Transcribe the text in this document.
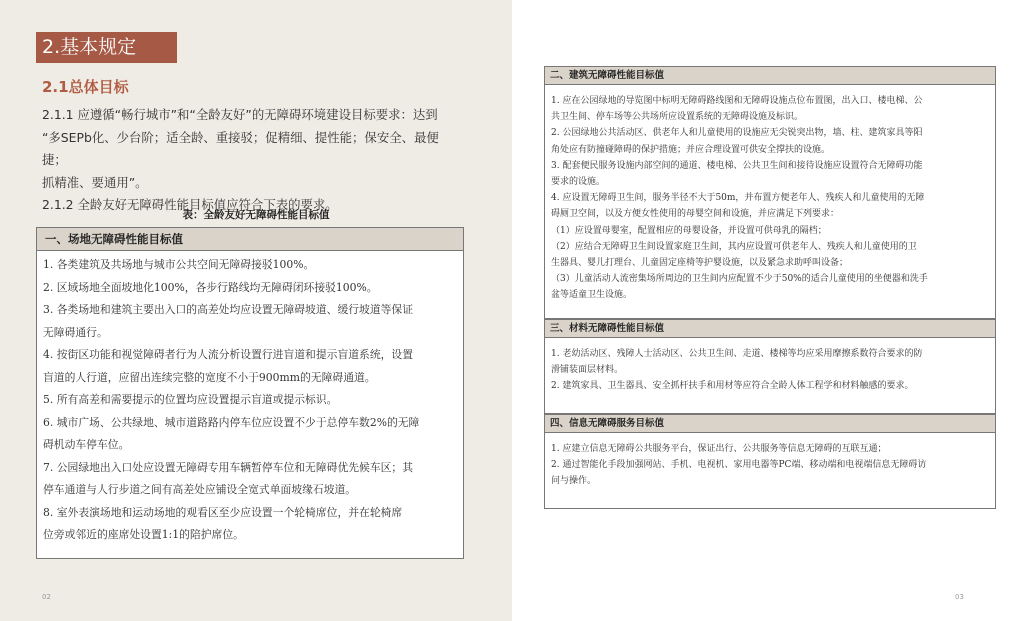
2.基本规定
2.1总体目标

2.1.1 应遵循“畅行城市”和“全龄友好”的无障碍环境建设目标要求：达到

“多SEPb化、少台阶；适全龄、重接驳；促精细、提性能；保安全、最便捷；

抓精准、要通用”。

2.1.2 全龄友好无障碍性能目标值应符合下表的要求。

表：全龄友好无障碍性能目标值
一、场地无障碍性能目标值

1. 各类建筑及共场地与城市公共空间无障碍接驳100%。

2. 区域场地全面坡地化100%，各步行路线均无障碍闭环接驳100%。

3. 各类场地和建筑主要出入口的高差处均应设置无障碍坡道、缓行坡道等保证

无障碍通行。

4. 按街区功能和视觉障碍者行为人流分析设置行进盲道和提示盲道系统，设置

盲道的人行道，应留出连续完整的宽度不小于900mm的无障碍通道。

5. 所有高差和需要提示的位置均应设置提示盲道或提示标识。

6. 城市广场、公共绿地、城市道路路内停车位应设置不少于总停车数2%的无障

碍机动车停车位。

7. 公园绿地出入口处应设置无障碍专用车辆暂停车位和无障碍优先候车区；其

停车通道与人行步道之间有高差处应铺设全宽式单面坡缘石坡道。

8. 室外表演场地和运动场地的观看区至少应设置一个轮椅席位，并在轮椅席

位旁或邻近的座席处设置1:1的陪护席位。

02
二、建筑无障碍性能目标值

1. 应在公园绿地的导览图中标明无障碍路线图和无障碍设施点位布置图，出入口、楼电梯、公

共卫生间、停车场等公共场所应设置系统的无障碍设施及标识。

2. 公园绿地公共活动区、供老年人和儿童使用的设施应无尖锐突出物，墙、柱、建筑家具等阳

角处应有防撞碰障碍的保护措施；并应合理设置可供安全撑扶的设施。

3. 配套便民服务设施内部空间的通道、楼电梯、公共卫生间和接待设施应设置符合无障碍功能

要求的设施。

4. 应设置无障碍卫生间，服务半径不大于50m，并布置方便老年人、残疾人和儿童使用的无障

碍厕卫空间，以及方便女性使用的母婴空间和设施，并应满足下列要求：

（1）应设置母婴室，配置相应的母婴设备，并设置可供母乳的隔档；

（2）应结合无障碍卫生间设置家庭卫生间，其内应设置可供老年人、残疾人和儿童使用的卫

生器具、婴儿打理台、儿童固定座椅等护婴设施，以及紧急求助呼叫设备；

（3）儿童活动人流密集场所周边的卫生间内应配置不少于50%的适合儿童使用的坐便器和洗手

盆等适童卫生设施。

三、材料无障碍性能目标值

1. 老幼活动区、残障人士活动区、公共卫生间、走道、楼梯等均应采用摩擦系数符合要求的防

滑铺装面层材料。

2. 建筑家具、卫生器具、安全抓杆扶手和用材等应符合全龄人体工程学和材料触感的要求。

四、信息无障碍服务目标值

1. 应建立信息无障碍公共服务平台，保证出行、公共服务等信息无障碍的互联互通；

2. 通过智能化手段加强网站、手机、电视机、家用电器等PC端、移动端和电视端信息无障碍访

问与操作。

03
